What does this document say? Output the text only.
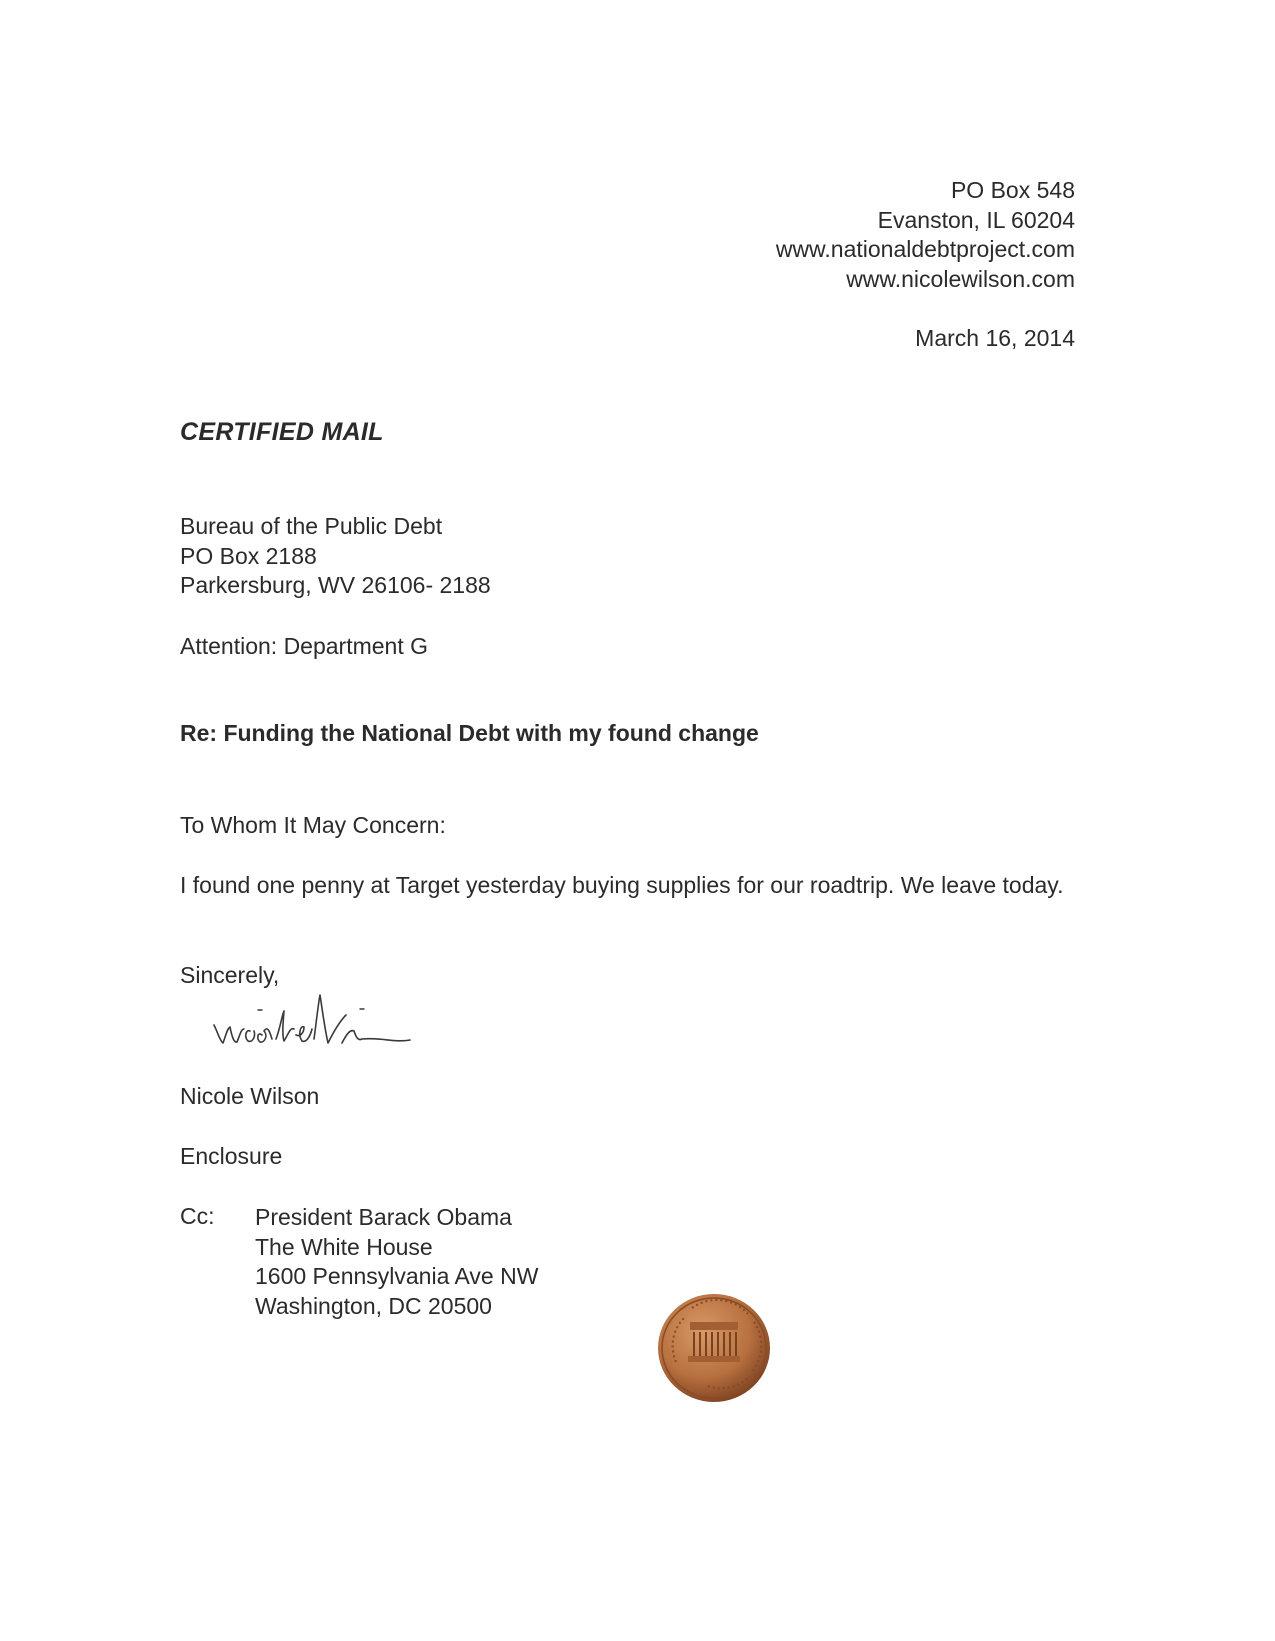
PO Box 548
Evanston, IL 60204
www.nationaldebtproject.com
www.nicolewilson.com
March 16, 2014
CERTIFIED MAIL
Bureau of the Public Debt
PO Box 2188
Parkersburg, WV 26106- 2188
Attention: Department G
Re: Funding the National Debt with my found change
To Whom It May Concern:
I found one penny at Target yesterday buying supplies for our roadtrip. We leave today.
Sincerely,
Nicole Wilson
Enclosure
Cc: President Barack Obama
The White House
1600 Pennsylvania Ave NW
Washington, DC 20500
